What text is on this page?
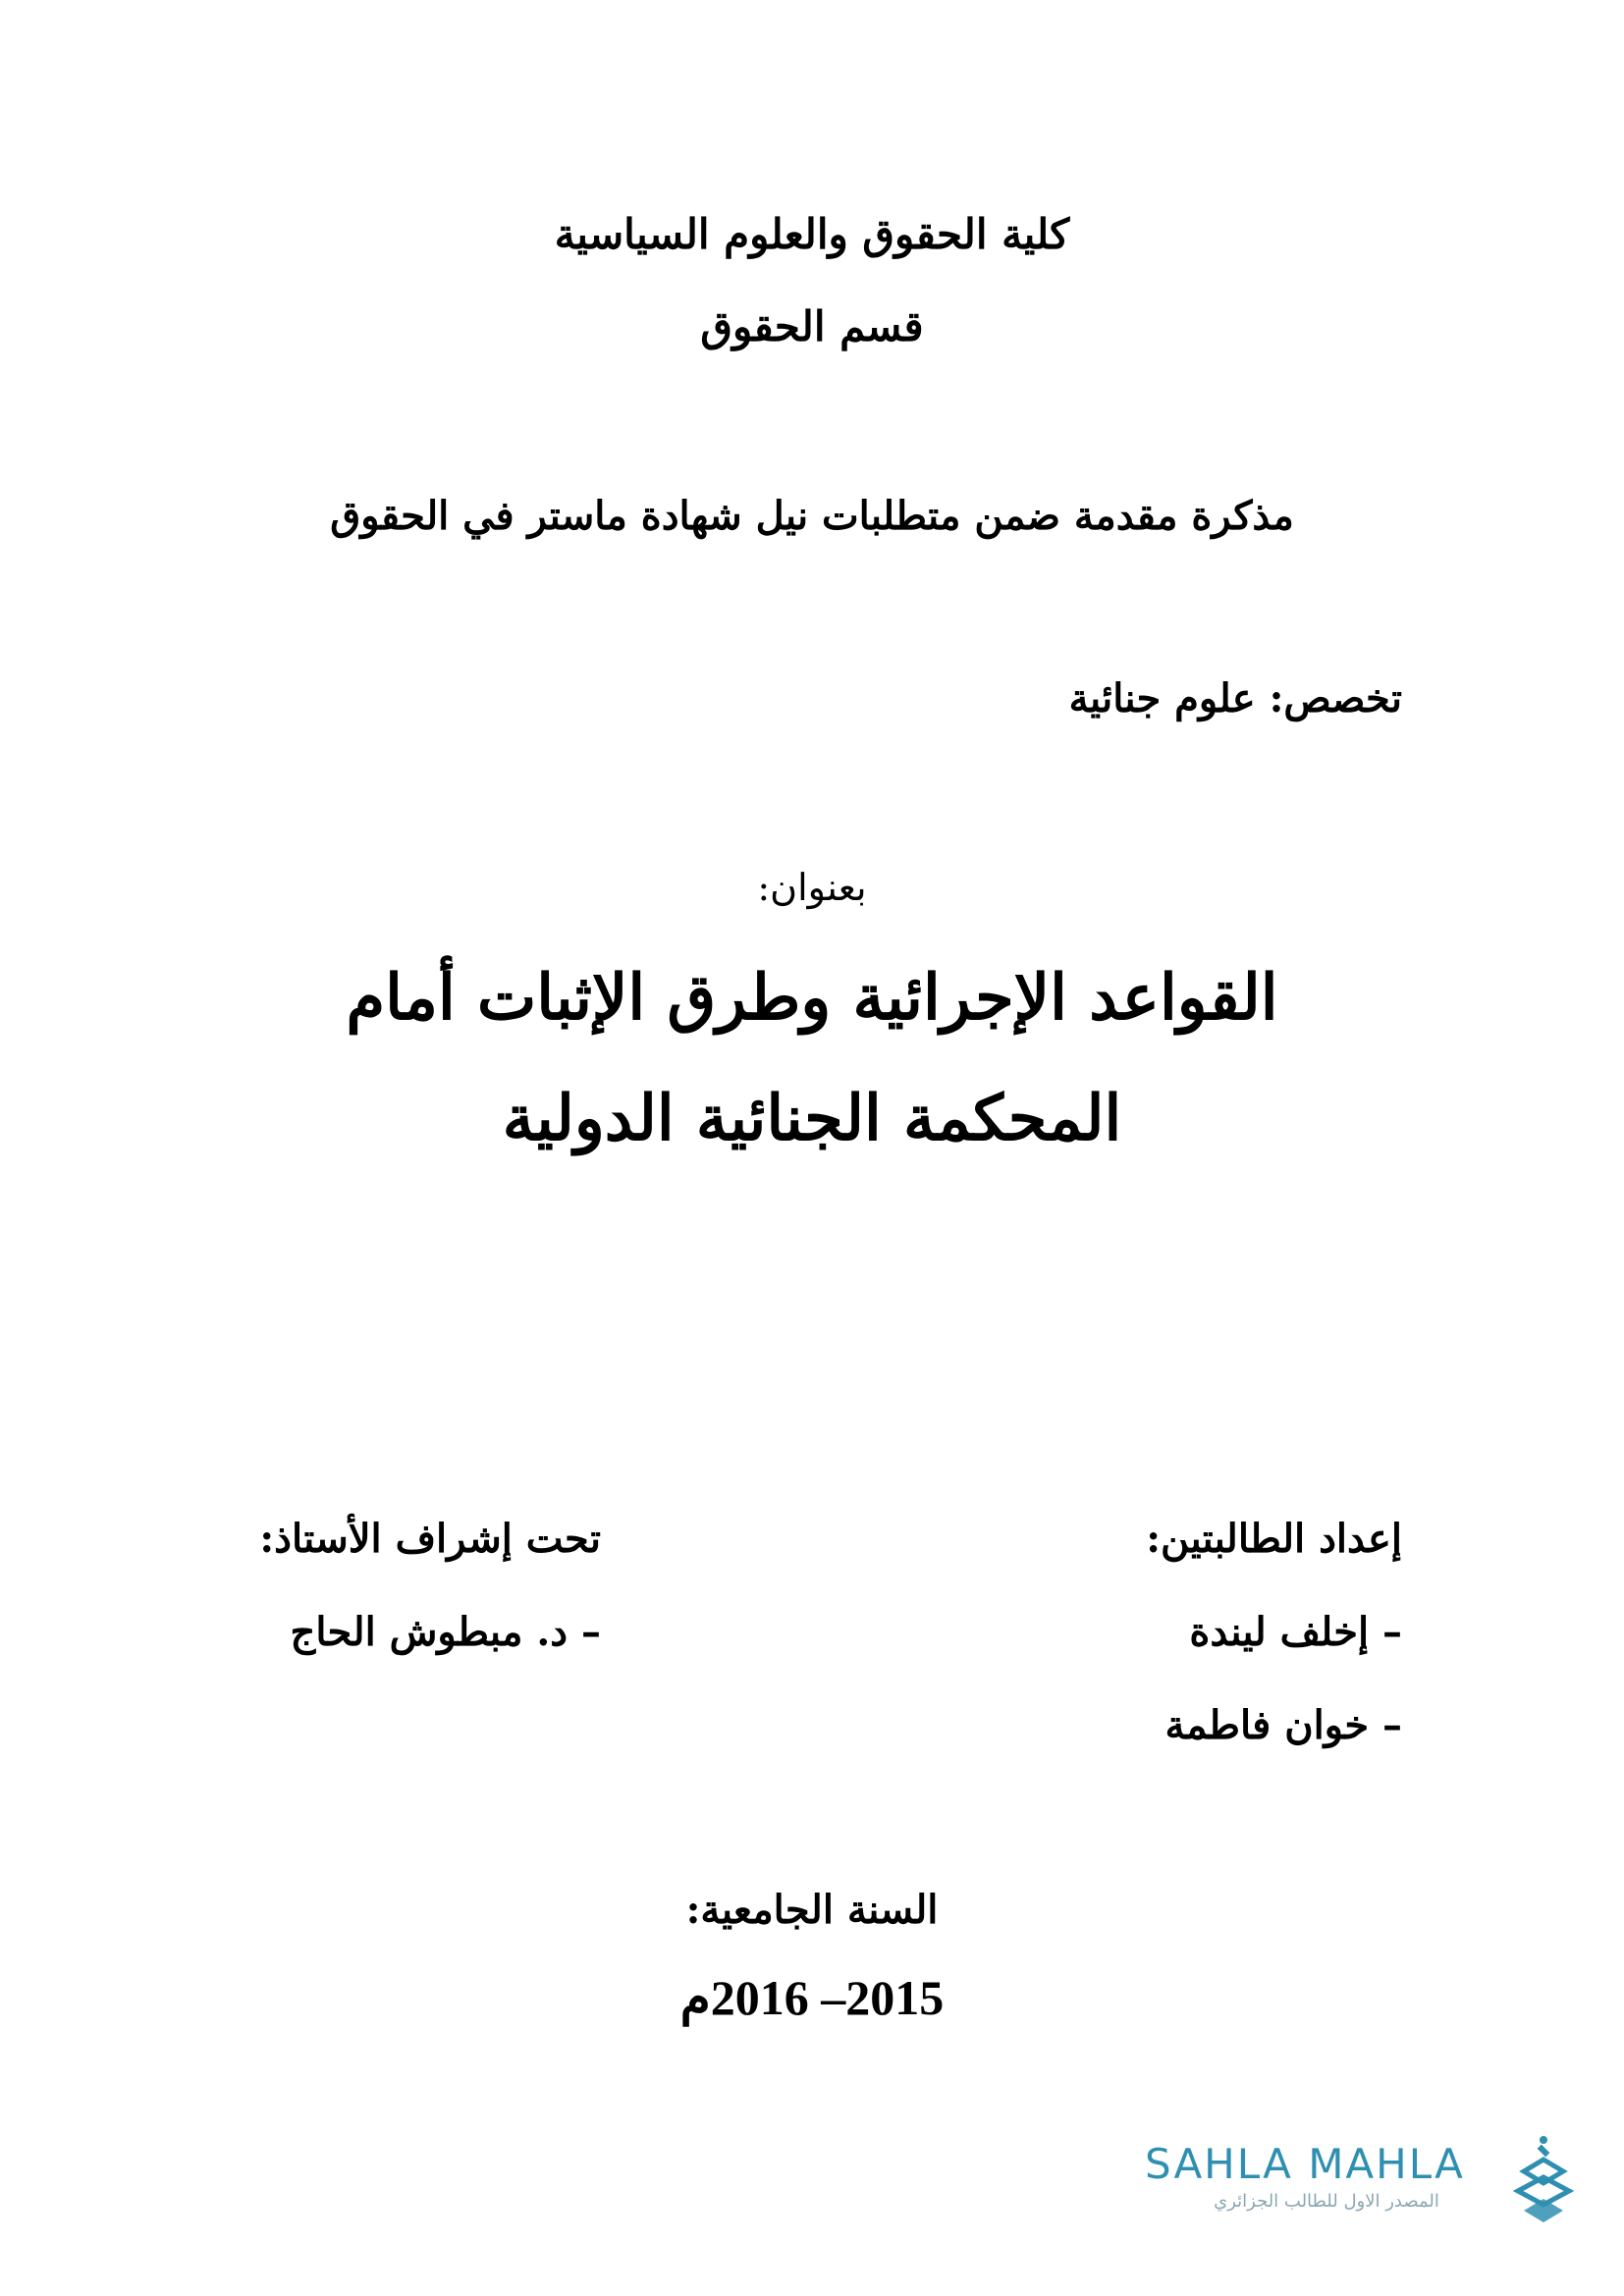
كلية الحقوق والعلوم السياسية
قسم الحقوق
مذكرة مقدمة ضمن متطلبات نيل شهادة ماستر في الحقوق
تخصص: علوم جنائية
بعنوان:
القواعد الإجرائية وطرق الإثبات أمام
المحكمة الجنائية الدولية
إعداد الطالبتين:
– إخلف ليندة
– خوان فاطمة
تحت إشراف الأستاذ:
– د. مبطوش الحاج
السنة الجامعية:
2015– 2016م
SAHLA MAHLA
المصدر الاول للطالب الجزائري
